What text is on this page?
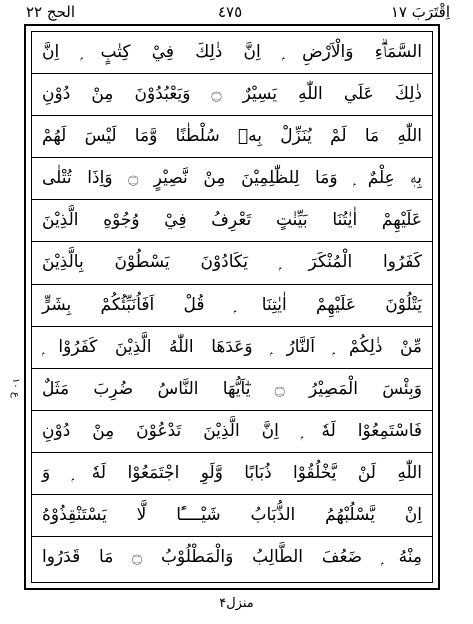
الحج ٢٢	٤٧٥	اِقْتَرَبَ ١٧
ع ١٠
السَّمَاۗءِ وَالْاَرْضِ ۭ اِنَّ ذٰلِكَ فِيْ كِتٰبٍ ۭ اِنَّ
ذٰلِكَ عَلَي اللّٰهِ يَسِيْرٌ ۝ وَيَعْبُدُوْنَ مِنْ دُوْنِ
اللّٰهِ مَا لَمْ يُنَزِّلْ بِهٖ سُلْطٰنًا وَّمَا لَيْسَ لَهُمْ
بِهٖ عِلْمٌ ۭ وَمَا لِلظّٰلِمِيْنَ مِنْ نَّصِيْرٍ ۝ وَاِذَا تُتْلٰى
عَلَيْهِمْ اٰيٰتُنَا بَيِّنٰتٍ تَعْرِفُ فِيْ وُجُوْهِ الَّذِيْنَ
كَفَرُوا الْمُنْكَرَ ۭ يَكَادُوْنَ يَسْطُوْنَ بِالَّذِيْنَ
يَتْلُوْنَ عَلَيْهِمْ اٰيٰتِنَا ۭ قُلْ اَفَاُنَبِّئُكُمْ بِشَرٍّ
مِّنْ ذٰلِكُمْ ۭ اَلنَّارُ ۭ وَعَدَهَا اللّٰهُ الَّذِيْنَ كَفَرُوْا ۭ
وَبِئْسَ الْمَصِيْرُ ۝ يٰٓاَيُّهَا النَّاسُ ضُرِبَ مَثَلٌ
فَاسْتَمِعُوْا لَهٗ ۭ اِنَّ الَّذِيْنَ تَدْعُوْنَ مِنْ دُوْنِ
اللّٰهِ لَنْ يَّخْلُقُوْا ذُبَابًا وَّلَوِ اجْتَمَعُوْا لَهٗ ۭ وَ
اِنْ يَّسْلُبْهُمُ الذُّبَابُ شَيْــــًٔا لَّا يَسْتَنْقِذُوْهُ
مِنْهُ ۭ ضَعُفَ الطَّالِبُ وَالْمَطْلُوْبُ ۝ مَا قَدَرُوا
منزل۴
